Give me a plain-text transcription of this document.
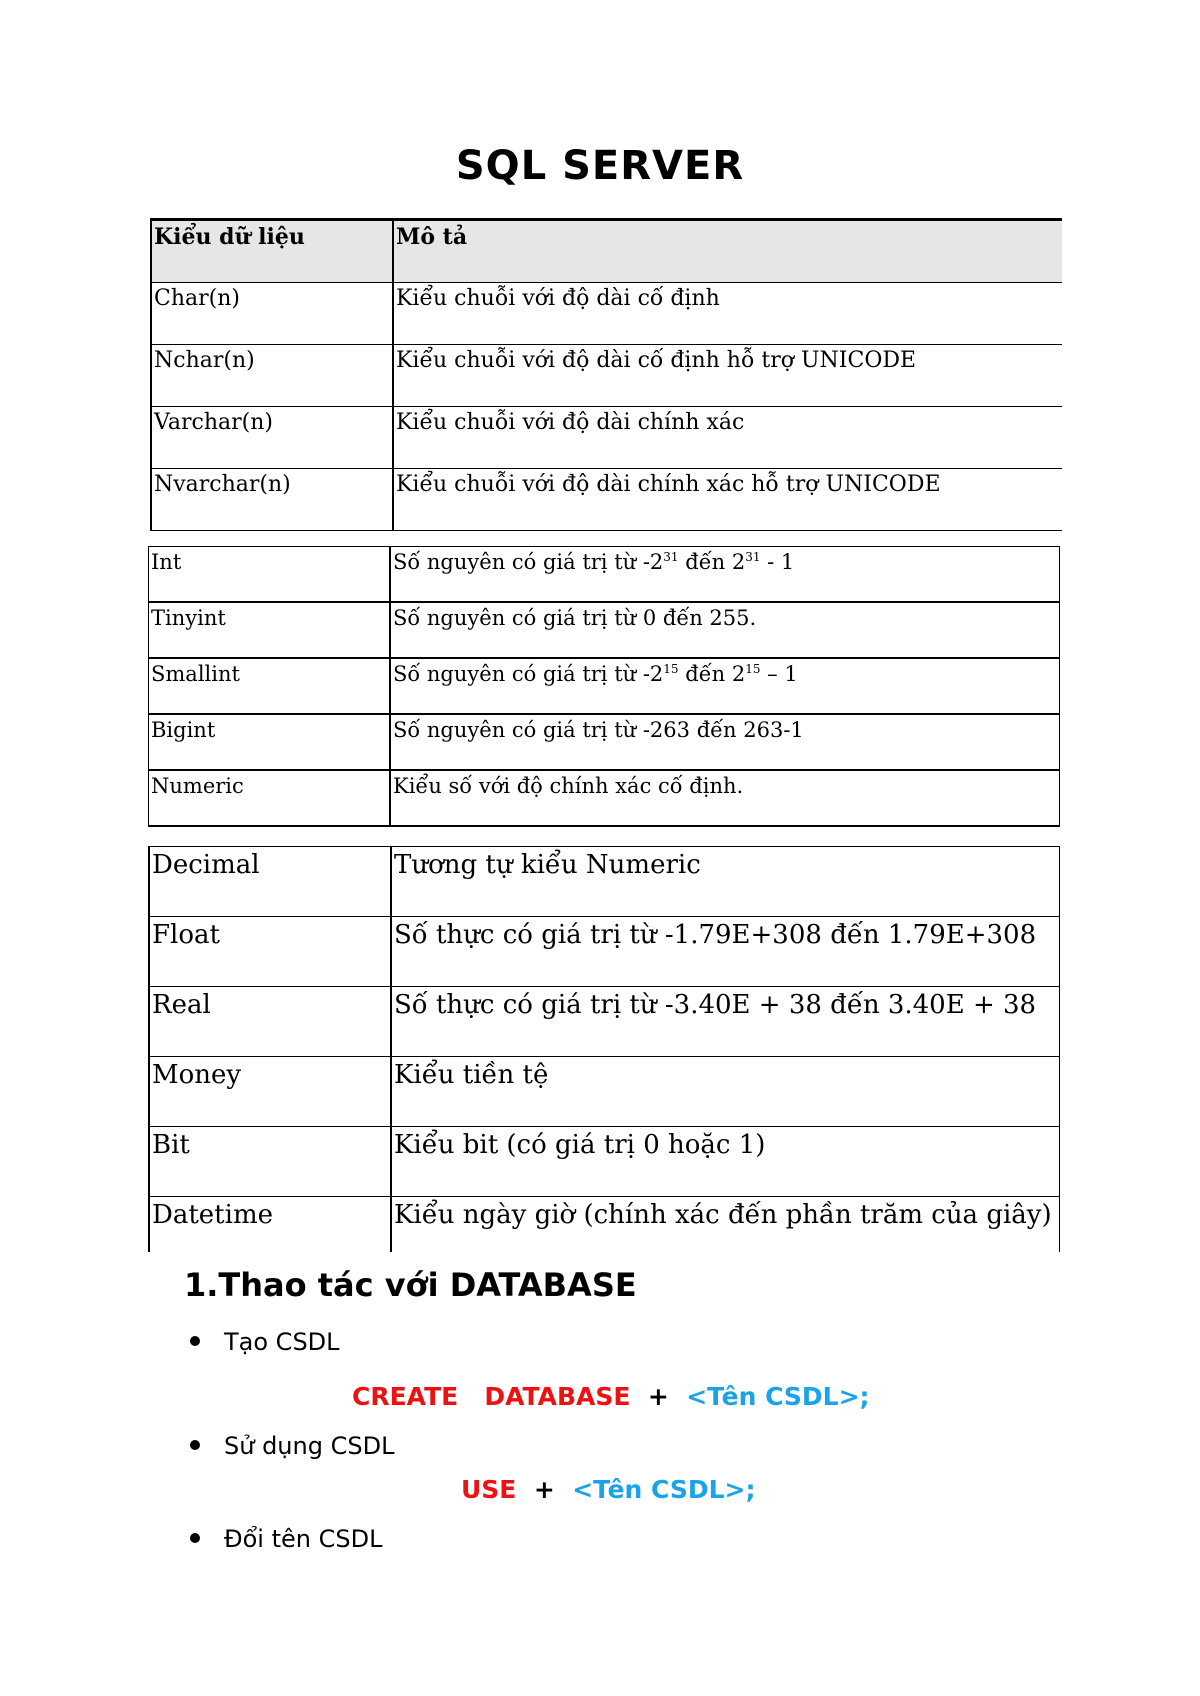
SQL SERVER
Kiểu dữ liệu	Mô tả
Char(n)	Kiểu chuỗi với độ dài cố định
Nchar(n)	Kiểu chuỗi với độ dài cố định hỗ trợ UNICODE
Varchar(n)	Kiểu chuỗi với độ dài chính xác
Nvarchar(n)	Kiểu chuỗi với độ dài chính xác hỗ trợ UNICODE
Int	Số nguyên có giá trị từ $-2^{31}$ đến $2^{31} - 1$
Tinyint	Số nguyên có giá trị từ 0 đến 255.
Smallint	Số nguyên có giá trị từ $-2^{15}$ đến $2^{15} - 1$
Bigint	Số nguyên có giá trị từ -263 đến 263-1
Numeric	Kiểu số với độ chính xác cố định.
Decimal	Tương tự kiểu Numeric
Float	Số thực có giá trị từ -1.79E+308 đến 1.79E+308
Real	Số thực có giá trị từ -3.40E + 38 đến 3.40E + 38
Money	Kiểu tiền tệ
Bit	Kiểu bit (có giá trị 0 hoặc 1)
Datetime	Kiểu ngày giờ (chính xác đến phần trăm của giây)
1.Thao tác với DATABASE
Tạo CSDL
CREATE   DATABASE + <Tên CSDL>;
Sử dụng CSDL
USE + <Tên CSDL>;
Đổi tên CSDL
